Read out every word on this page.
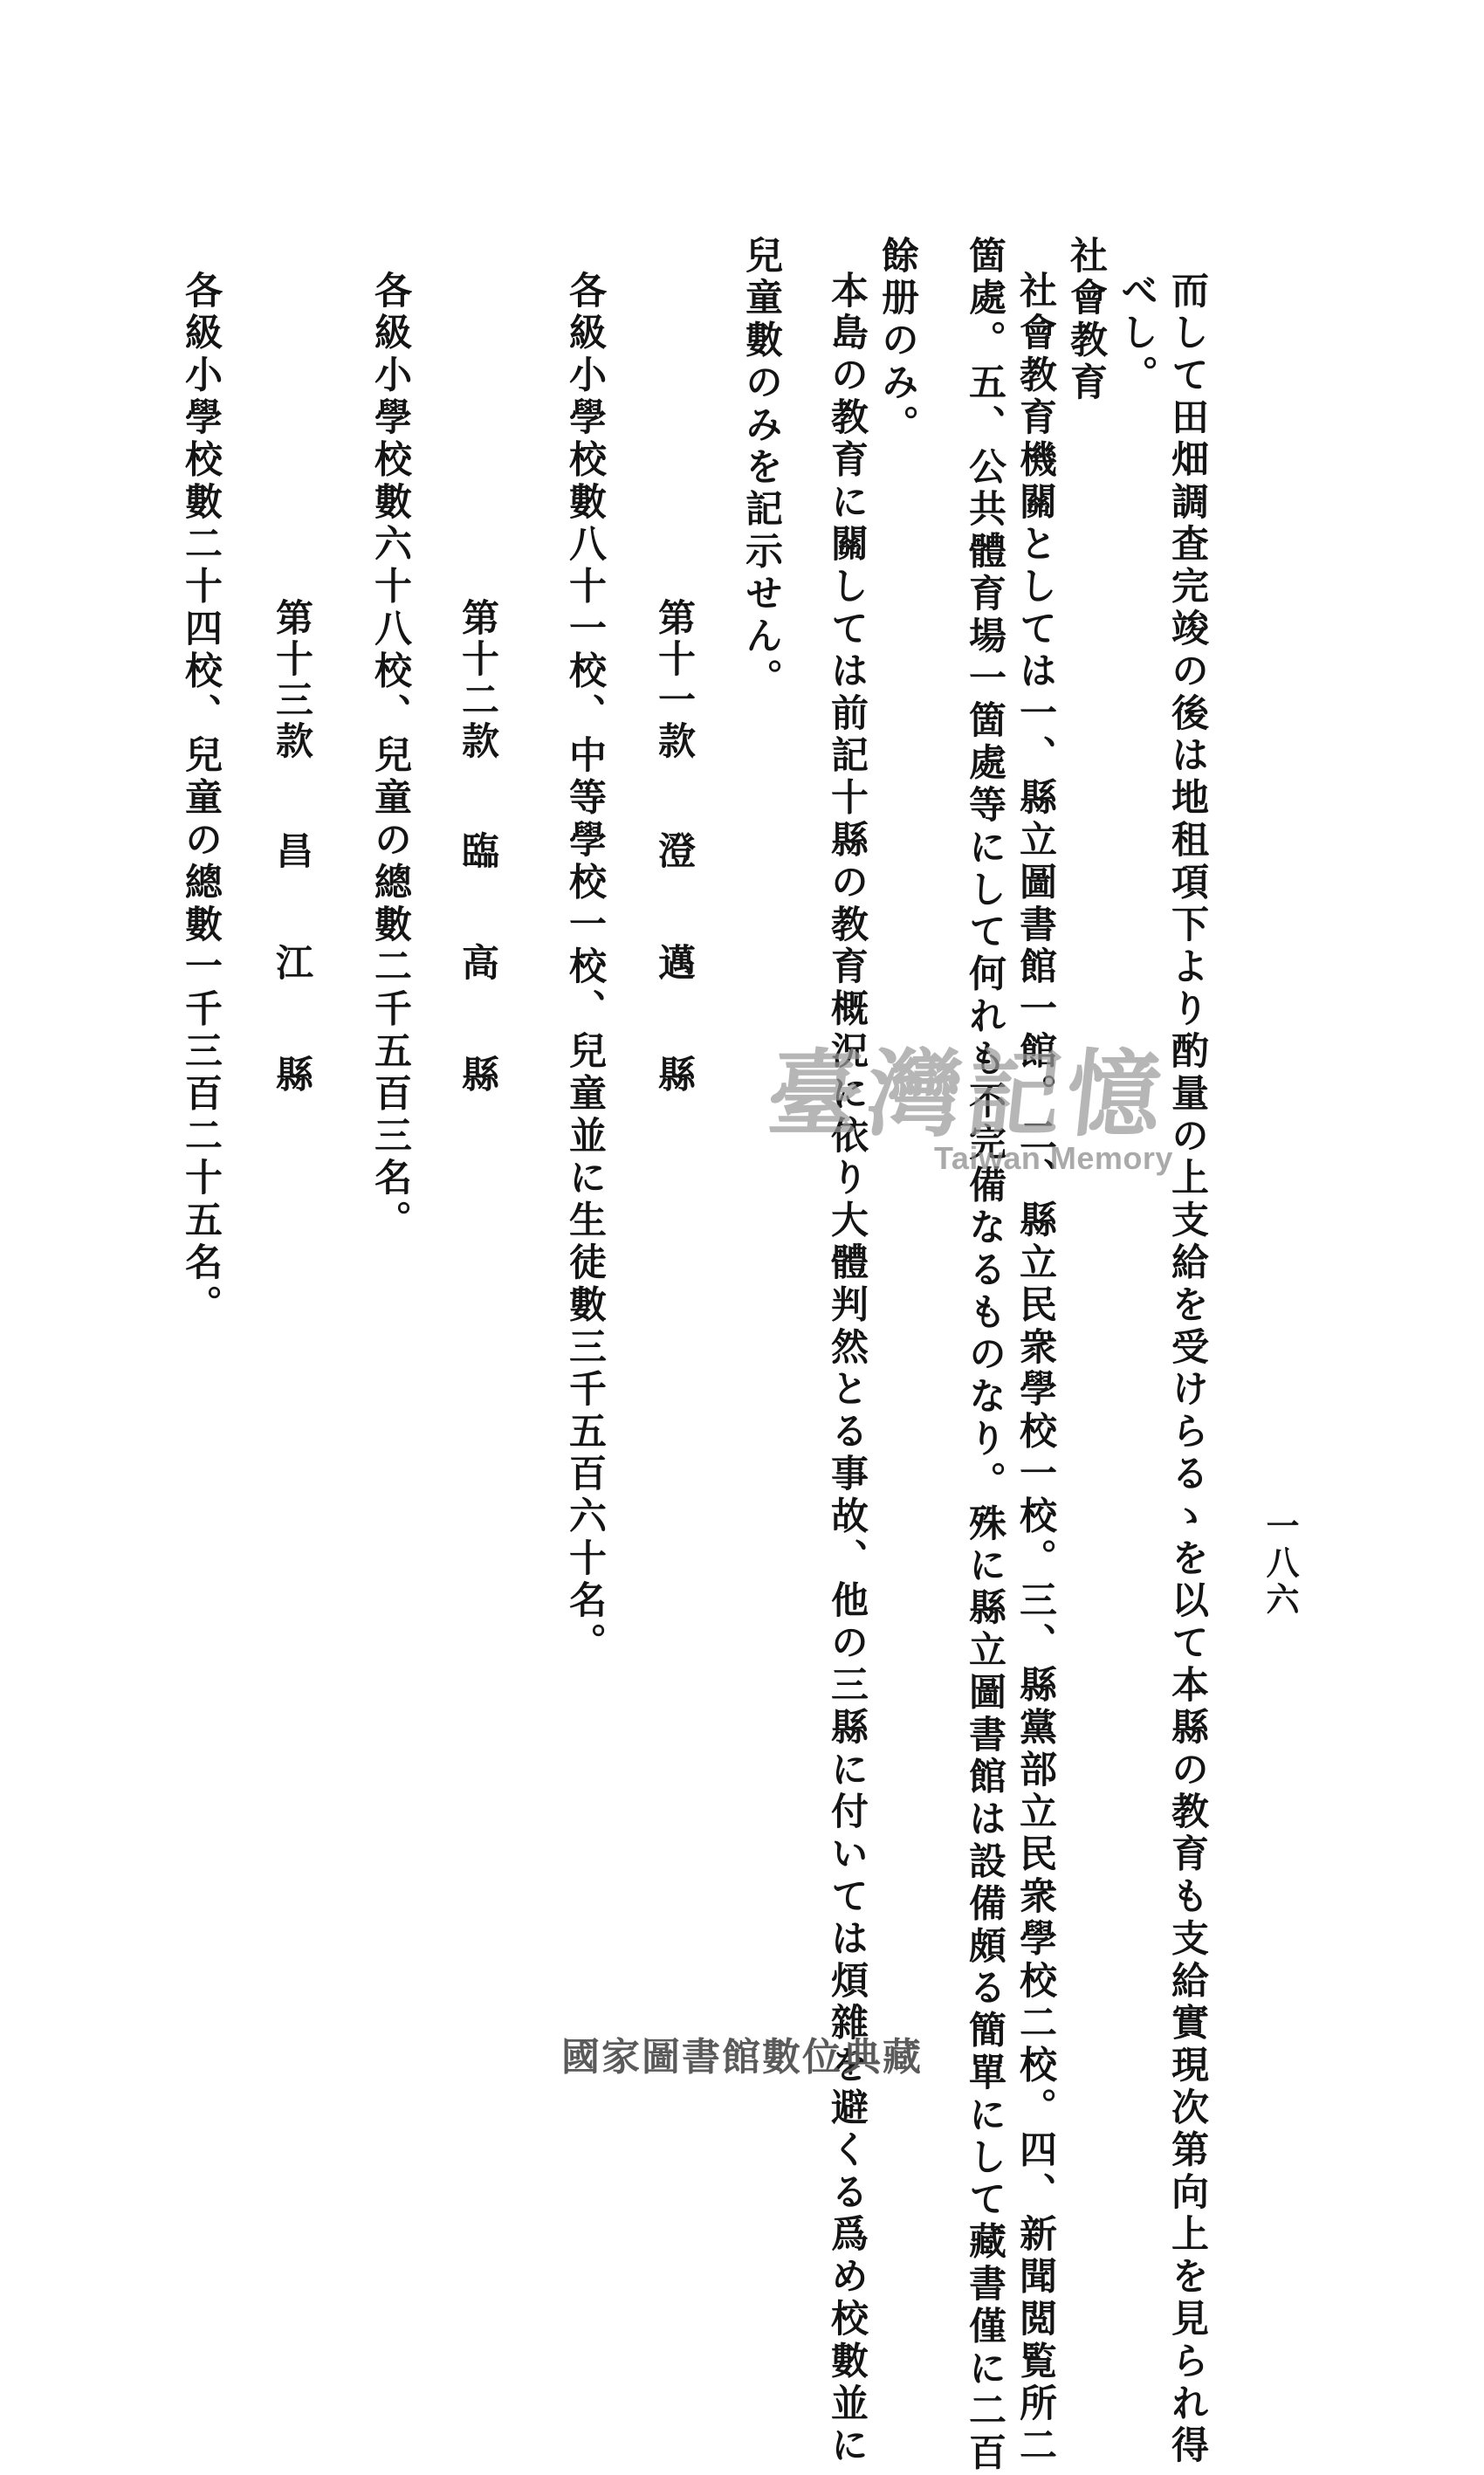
一八六
而して田畑調査完竣の後は地租項下より酌量の上支給を受けらるゝを以て本縣の教育も支給實現次第向上を見られ得
べし。
社會教育
社會教育機關としては一、縣立圖書館一館。二、縣立民衆學校一校。三、縣黨部立民衆學校二校。四、新聞閲覧所二
箇處。五、公共體育場一箇處等にして何れも不完備なるものなり。殊に縣立圖書館は設備頗る簡單にして藏書僅に二百
餘册のみ。
本島の教育に關しては前記十縣の教育概況に依り大體判然とる事故、他の三縣に付いては煩雜を避くる爲め校數並に
兒童數のみを記示せん。
第十一款 澄 邁 縣
各級小學校數八十一校、中等學校一校、兒童並に生徒數三千五百六十名。
第十二款 臨 高 縣
各級小學校數六十八校、兒童の總數二千五百三名。
第十三款 昌 江 縣
各級小學校數二十四校、兒童の總數一千三百二十五名。	臺灣記憶
Taiwan Memory
國家圖書館數位典藏
